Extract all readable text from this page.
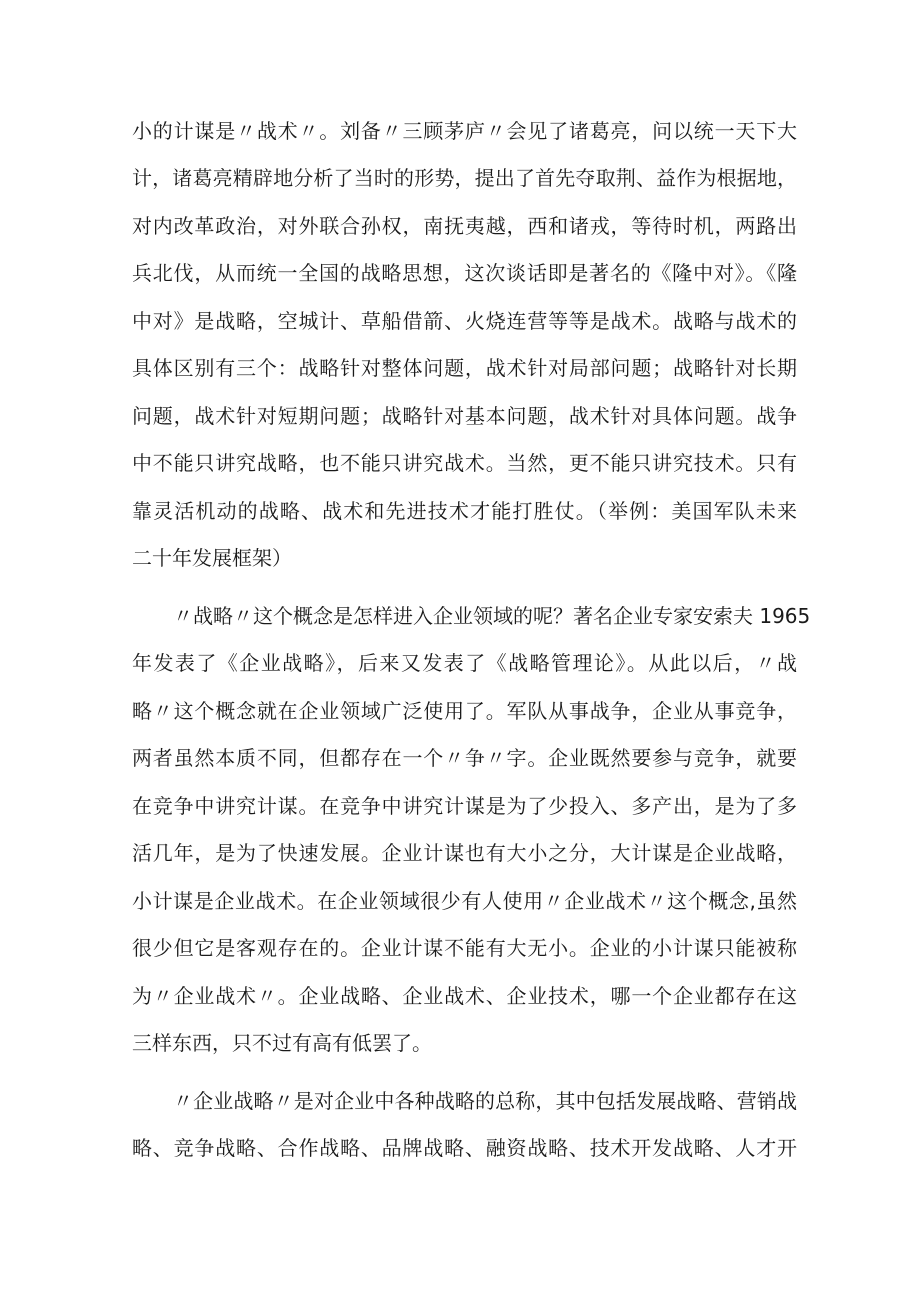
小的计谋是〃战术〃。刘备〃三顾茅庐〃会见了诸葛亮，问以统一天下大
计，诸葛亮精辟地分析了当时的形势，提出了首先夺取荆、益作为根据地，
对内改革政治，对外联合孙权，南抚夷越，西和诸戎，等待时机，两路出
兵北伐，从而统一全国的战略思想，这次谈话即是著名的《隆中对》。《隆
中对》是战略，空城计、草船借箭、火烧连营等等是战术。战略与战术的
具体区别有三个：战略针对整体问题，战术针对局部问题；战略针对长期
问题，战术针对短期问题；战略针对基本问题，战术针对具体问题。战争
中不能只讲究战略，也不能只讲究战术。当然，更不能只讲究技术。只有
靠灵活机动的战略、战术和先进技术才能打胜仗。（举例：美国军队未来
二十年发展框架）
〃战略〃这个概念是怎样进入企业领域的呢？著名企业专家安索夫 1965
年发表了《企业战略》，后来又发表了《战略管理论》。从此以后，〃战
略〃这个概念就在企业领域广泛使用了。军队从事战争，企业从事竞争，
两者虽然本质不同，但都存在一个〃争〃字。企业既然要参与竞争，就要
在竞争中讲究计谋。在竞争中讲究计谋是为了少投入、多产出，是为了多
活几年，是为了快速发展。企业计谋也有大小之分，大计谋是企业战略，
小计谋是企业战术。在企业领域很少有人使用〃企业战术〃这个概念,虽然
很少但它是客观存在的。企业计谋不能有大无小。企业的小计谋只能被称
为〃企业战术〃。企业战略、企业战术、企业技术，哪一个企业都存在这
三样东西，只不过有高有低罢了。
〃企业战略〃是对企业中各种战略的总称，其中包括发展战略、营销战
略、竞争战略、合作战略、品牌战略、融资战略、技术开发战略、人才开
